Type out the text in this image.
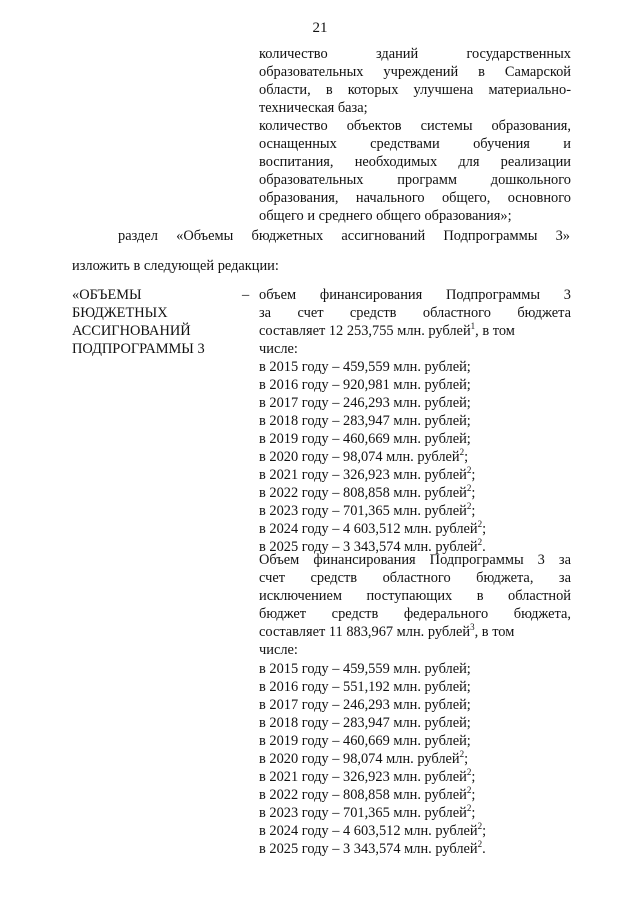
21
количество зданий государственных
образовательных учреждений в Самарской
области, в которых улучшена материально-
техническая база;
количество объектов системы образования,
оснащенных средствами обучения и
воспитания, необходимых для реализации
образовательных программ дошкольного
образования, начального общего, основного
общего и среднего общего образования»;
раздел «Объемы бюджетных ассигнований Подпрограммы 3»
изложить в следующей редакции:
«ОБЪЕМЫ
БЮДЖЕТНЫХ
АССИГНОВАНИЙ
ПОДПРОГРАММЫ 3
– объем финансирования Подпрограммы 3
за счет средств областного бюджета
составляет 12 253,755 млн. рублей$^1$, в том
числе:
в 2015 году – 459,559 млн. рублей;
в 2016 году – 920,981 млн. рублей;
в 2017 году – 246,293 млн. рублей;
в 2018 году – 283,947 млн. рублей;
в 2019 году – 460,669 млн. рублей;
в 2020 году – 98,074 млн. рублей$^2$;
в 2021 году – 326,923 млн. рублей$^2$;
в 2022 году – 808,858 млн. рублей$^2$;
в 2023 году – 701,365 млн. рублей$^2$;
в 2024 году – 4 603,512 млн. рублей$^2$;
в 2025 году – 3 343,574 млн. рублей$^2$.
Объем финансирования Подпрограммы 3 за
счет средств областного бюджета, за
исключением поступающих в областной
бюджет средств федерального бюджета,
составляет 11 883,967 млн. рублей$^3$, в том
числе:
в 2015 году – 459,559 млн. рублей;
в 2016 году – 551,192 млн. рублей;
в 2017 году – 246,293 млн. рублей;
в 2018 году – 283,947 млн. рублей;
в 2019 году – 460,669 млн. рублей;
в 2020 году – 98,074 млн. рублей$^2$;
в 2021 году – 326,923 млн. рублей$^2$;
в 2022 году – 808,858 млн. рублей$^2$;
в 2023 году – 701,365 млн. рублей$^2$;
в 2024 году – 4 603,512 млн. рублей$^2$;
в 2025 году – 3 343,574 млн. рублей$^2$.
